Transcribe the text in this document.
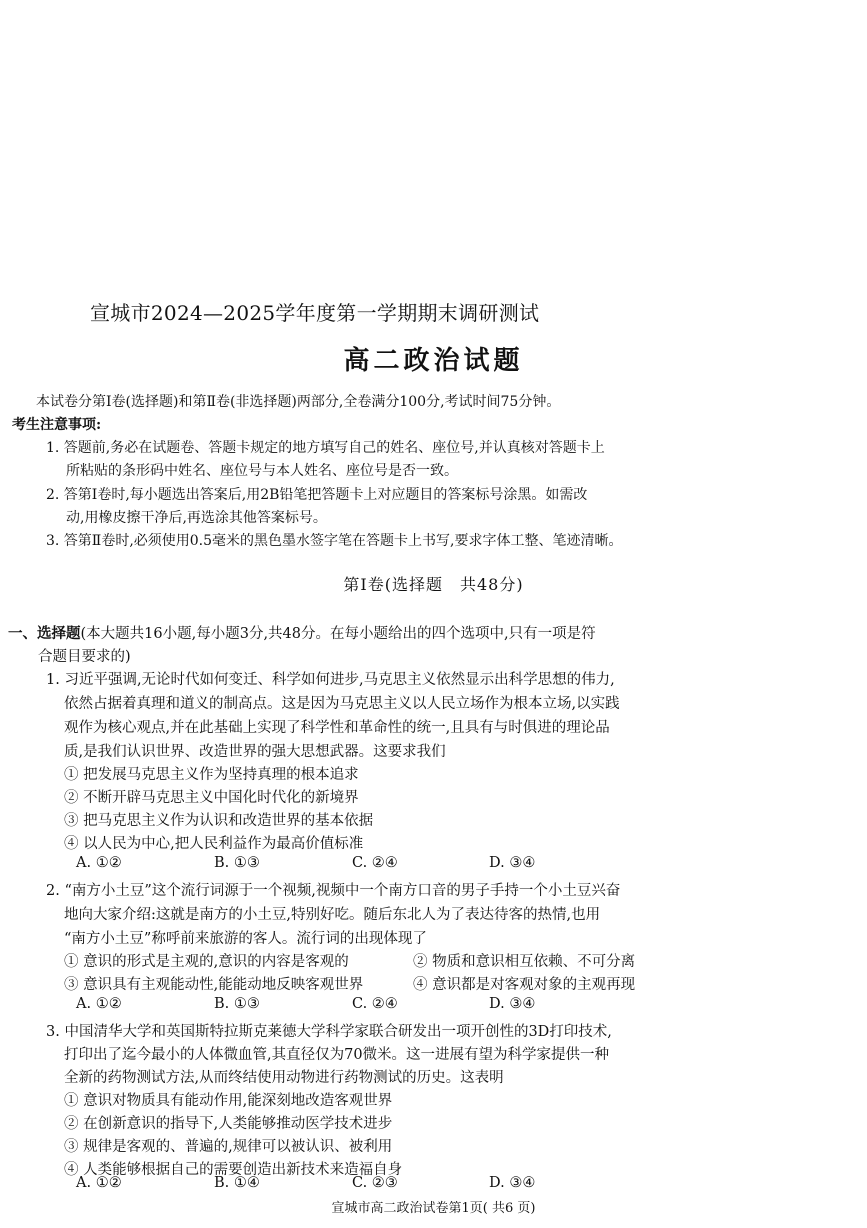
宣城市2024—2025学年度第一学期期末调研测试
高二政治试题
本试卷分第Ⅰ卷(选择题)和第Ⅱ卷(非选择题)两部分,全卷满分100分,考试时间75分钟。
考生注意事项:
1. 答题前,务必在试题卷、答题卡规定的地方填写自己的姓名、座位号,并认真核对答题卡上
所粘贴的条形码中姓名、座位号与本人姓名、座位号是否一致。
2. 答第Ⅰ卷时,每小题选出答案后,用2B铅笔把答题卡上对应题目的答案标号涂黑。如需改
动,用橡皮擦干净后,再选涂其他答案标号。
3. 答第Ⅱ卷时,必须使用0.5毫米的黑色墨水签字笔在答题卡上书写,要求字体工整、笔迹清晰。
第Ⅰ卷(选择题　共48分)
一、选择题(本大题共16小题,每小题3分,共48分。在每小题给出的四个选项中,只有一项是符
合题目要求的)
1. 习近平强调,无论时代如何变迁、科学如何进步,马克思主义依然显示出科学思想的伟力,
依然占据着真理和道义的制高点。这是因为马克思主义以人民立场作为根本立场,以实践
观作为核心观点,并在此基础上实现了科学性和革命性的统一,且具有与时俱进的理论品
质,是我们认识世界、改造世界的强大思想武器。这要求我们
① 把发展马克思主义作为坚持真理的根本追求
② 不断开辟马克思主义中国化时代化的新境界
③ 把马克思主义作为认识和改造世界的基本依据
④ 以人民为中心,把人民利益作为最高价值标准
A. ①②	B. ①③	C. ②④	D. ③④
2. “南方小土豆”这个流行词源于一个视频,视频中一个南方口音的男子手持一个小土豆兴奋
地向大家介绍:这就是南方的小土豆,特别好吃。随后东北人为了表达待客的热情,也用
“南方小土豆”称呼前来旅游的客人。流行词的出现体现了
① 意识的形式是主观的,意识的内容是客观的	② 物质和意识相互依赖、不可分离
③ 意识具有主观能动性,能能动地反映客观世界	④ 意识都是对客观对象的主观再现
A. ①②	B. ①③	C. ②④	D. ③④
3. 中国清华大学和英国斯特拉斯克莱德大学科学家联合研发出一项开创性的3D打印技术,
打印出了迄今最小的人体微血管,其直径仅为70微米。这一进展有望为科学家提供一种
全新的药物测试方法,从而终结使用动物进行药物测试的历史。这表明
① 意识对物质具有能动作用,能深刻地改造客观世界
② 在创新意识的指导下,人类能够推动医学技术进步
③ 规律是客观的、普遍的,规律可以被认识、被利用
④ 人类能够根据自己的需要创造出新技术来造福自身
A. ①②	B. ①④	C. ②③	D. ③④
宣城市高二政治试卷第1页( 共6 页)
